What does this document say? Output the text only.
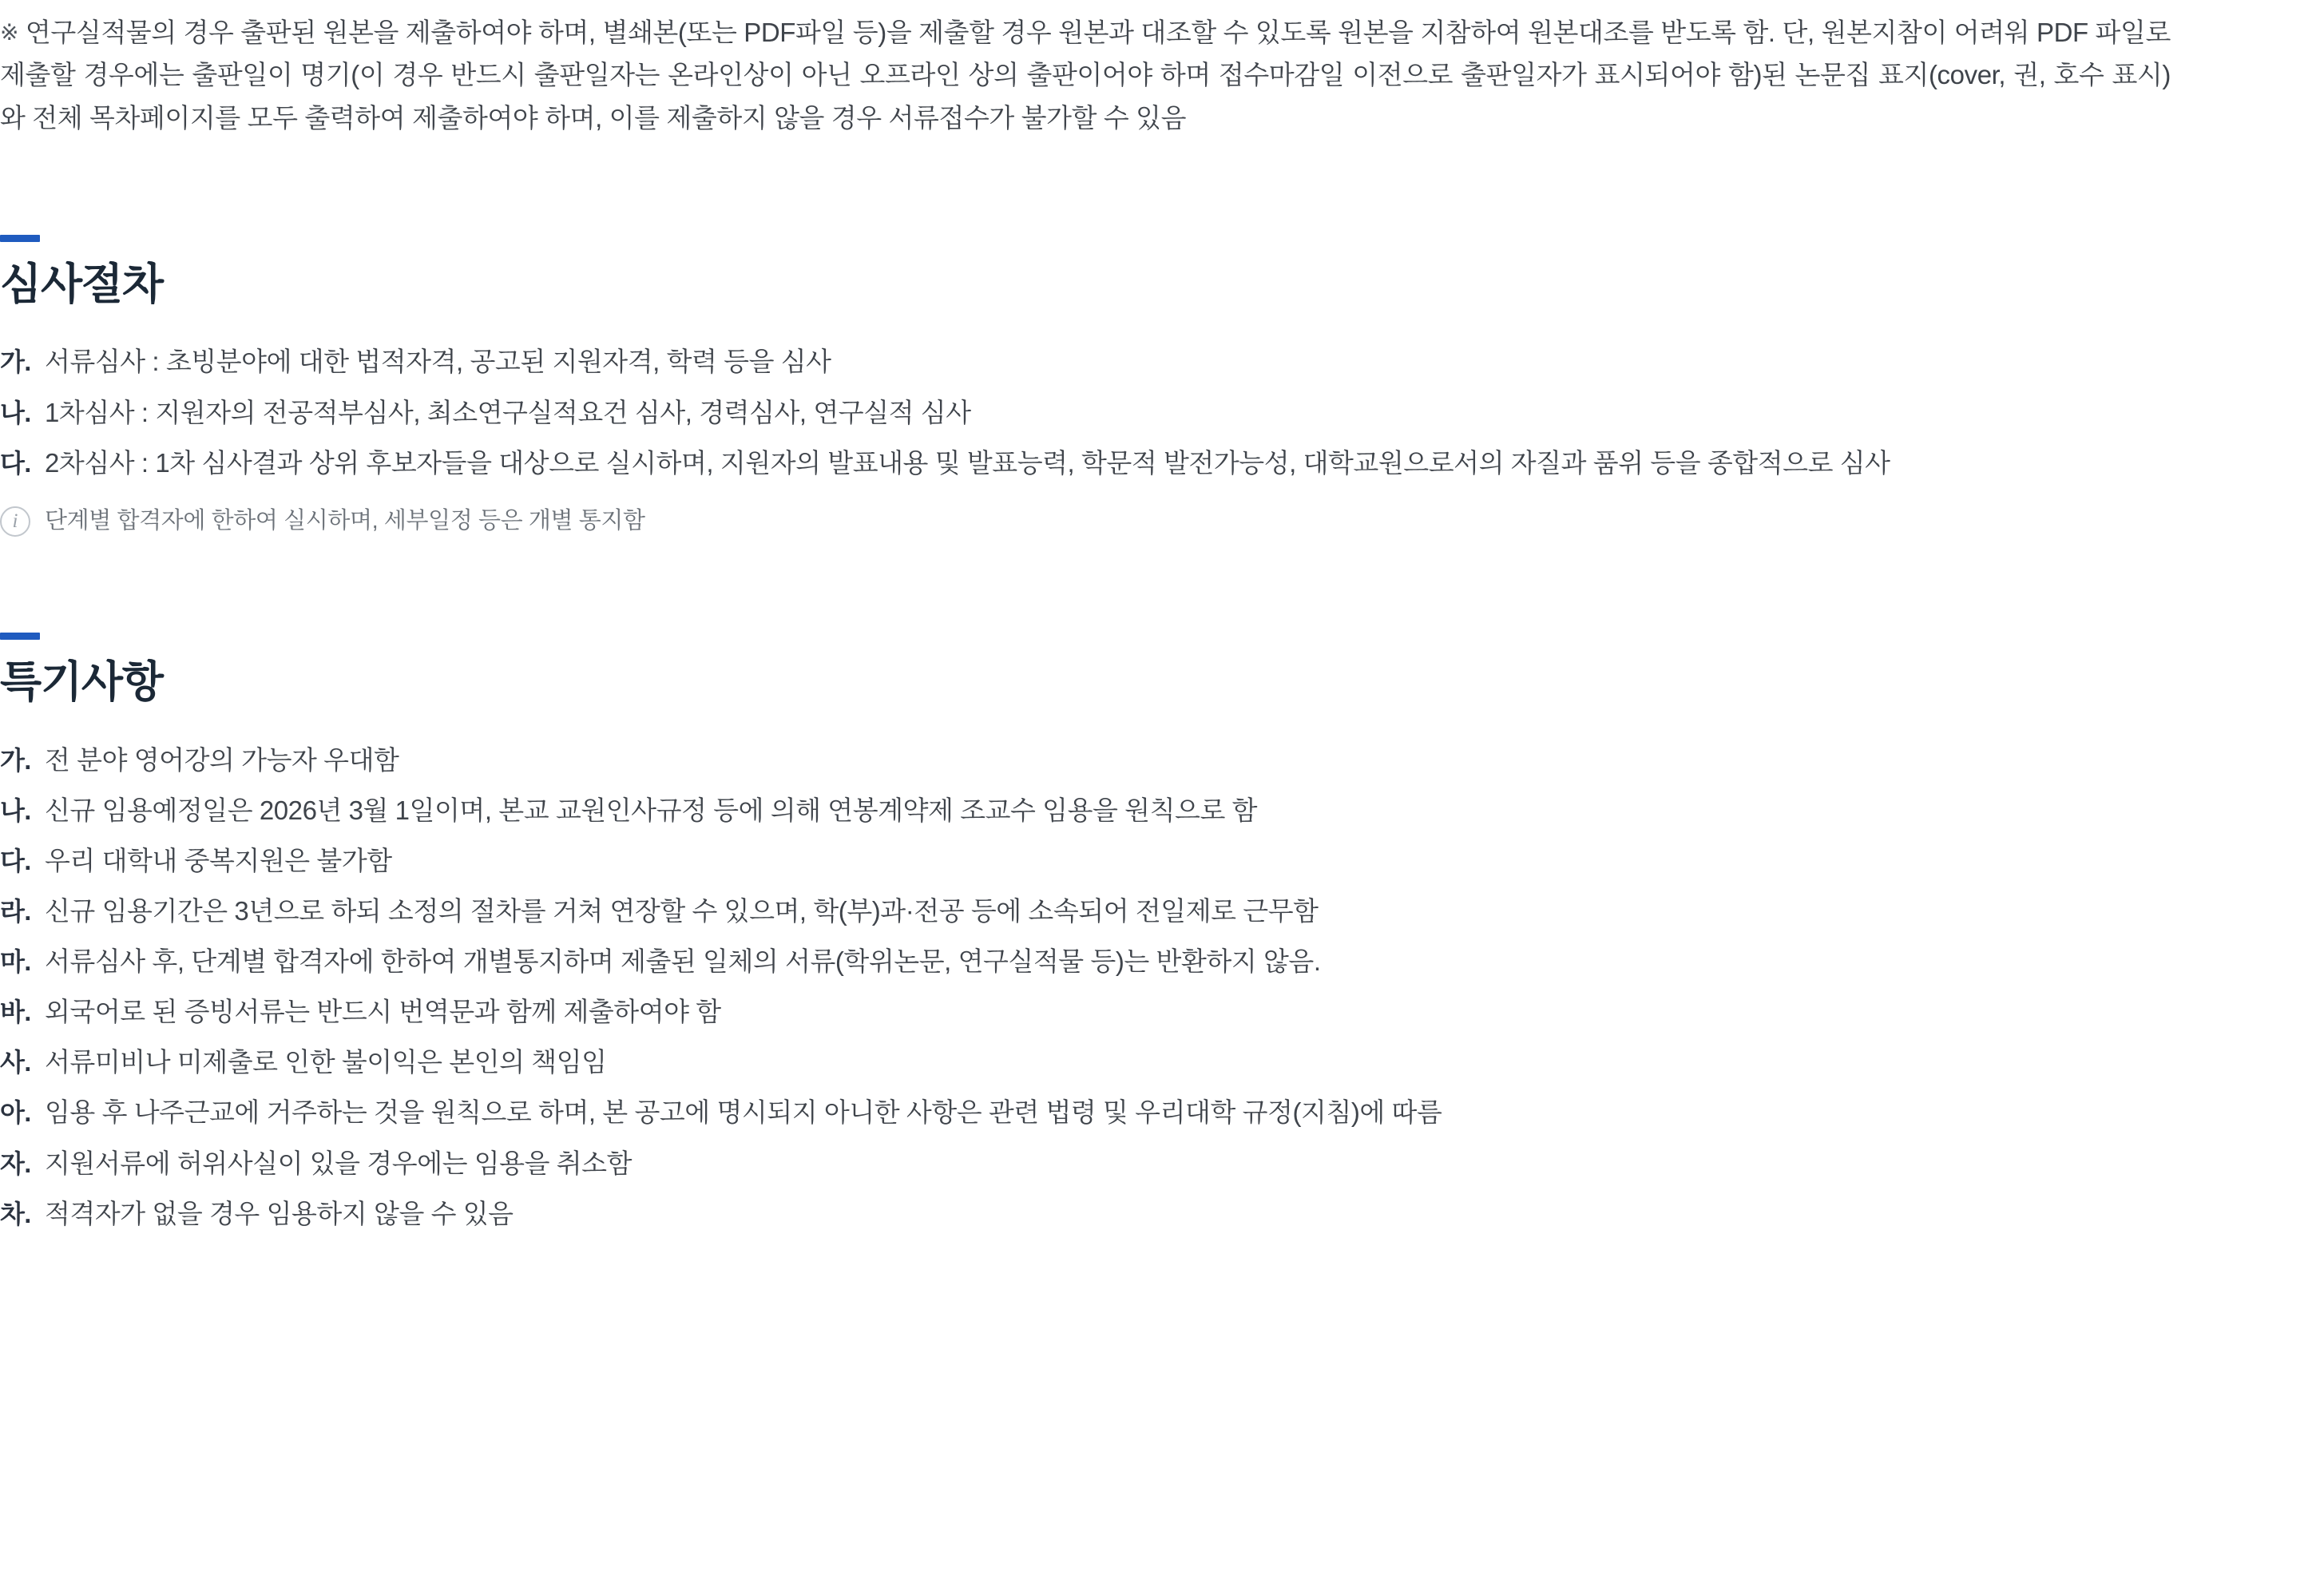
※ 연구실적물의 경우 출판된 원본을 제출하여야 하며, 별쇄본(또는 PDF파일 등)을 제출할 경우 원본과 대조할 수 있도록 원본을 지참하여 원본대조를 받도록 함. 단, 원본지참이 어려워 PDF 파일로 제출할 경우에는 출판일이 명기(이 경우 반드시 출판일자는 온라인상이 아닌 오프라인 상의 출판이어야 하며 접수마감일 이전으로 출판일자가 표시되어야 함)된 논문집 표지(cover, 권, 호수 표시)와 전체 목차페이지를 모두 출력하여 제출하여야 하며, 이를 제출하지 않을 경우 서류접수가 불가할 수 있음

심사절차
가. 서류심사 : 초빙분야에 대한 법적자격, 공고된 지원자격, 학력 등을 심사
나. 1차심사 : 지원자의 전공적부심사, 최소연구실적요건 심사, 경력심사, 연구실적 심사
다. 2차심사 : 1차 심사결과 상위 후보자들을 대상으로 실시하며, 지원자의 발표내용 및 발표능력, 학문적 발전가능성, 대학교원으로서의 자질과 품위 등을 종합적으로 심사
i	단계별 합격자에 한하여 실시하며, 세부일정 등은 개별 통지함
특기사항
가. 전 분야 영어강의 가능자 우대함
나. 신규 임용예정일은 2026년 3월 1일이며, 본교 교원인사규정 등에 의해 연봉계약제 조교수 임용을 원칙으로 함
다. 우리 대학내 중복지원은 불가함
라. 신규 임용기간은 3년으로 하되 소정의 절차를 거쳐 연장할 수 있으며, 학(부)과·전공 등에 소속되어 전일제로 근무함
마. 서류심사 후, 단계별 합격자에 한하여 개별통지하며 제출된 일체의 서류(학위논문, 연구실적물 등)는 반환하지 않음.
바. 외국어로 된 증빙서류는 반드시 번역문과 함께 제출하여야 함
사. 서류미비나 미제출로 인한 불이익은 본인의 책임임
아. 임용 후 나주근교에 거주하는 것을 원칙으로 하며, 본 공고에 명시되지 아니한 사항은 관련 법령 및 우리대학 규정(지침)에 따름
자. 지원서류에 허위사실이 있을 경우에는 임용을 취소함
차. 적격자가 없을 경우 임용하지 않을 수 있음
